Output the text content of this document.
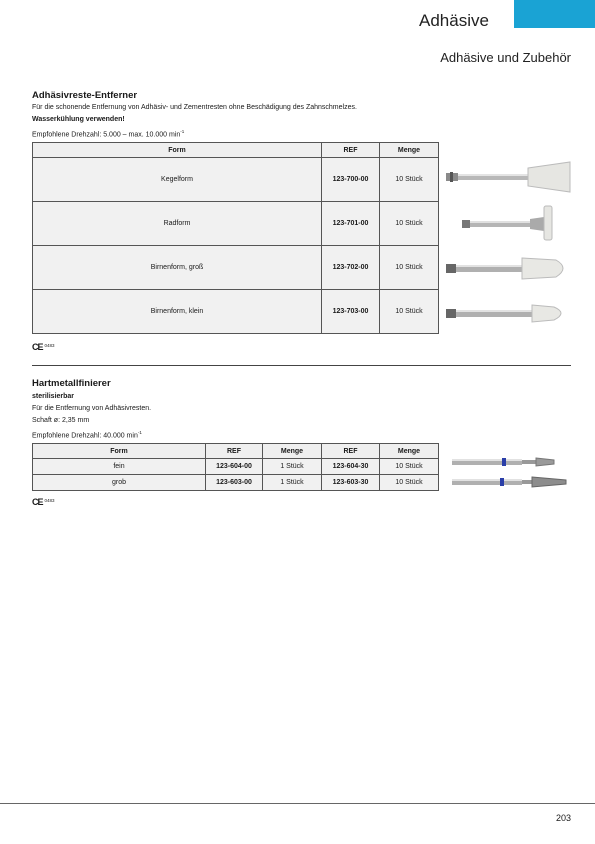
Adhäsive
Adhäsive und Zubehör
Adhäsivreste-Entferner
Für die schonende Entfernung von Adhäsiv- und Zementresten ohne Beschädigung des Zahnschmelzes.
Wasserkühlung verwenden!
Empfohlene Drehzahl: 5.000 – max. 10.000 $\min^{-1}$
Form	REF	Menge
Kegelform	123-700-00	10 Stück
Radform	123-701-00	10 Stück
Birnenform, groß	123-702-00	10 Stück
Birnenform, klein	123-703-00	10 Stück
CE 0483
Hartmetallfinierer
sterilisierbar
Für die Entfernung von Adhäsivresten.
Schaft ø: 2,35 mm
Empfohlene Drehzahl: 40.000 $\min^{-1}$
Form	REF	Menge	REF	Menge
fein	123-604-00	1 Stück	123-604-30	10 Stück
grob	123-603-00	1 Stück	123-603-30	10 Stück
CE 0483
203
